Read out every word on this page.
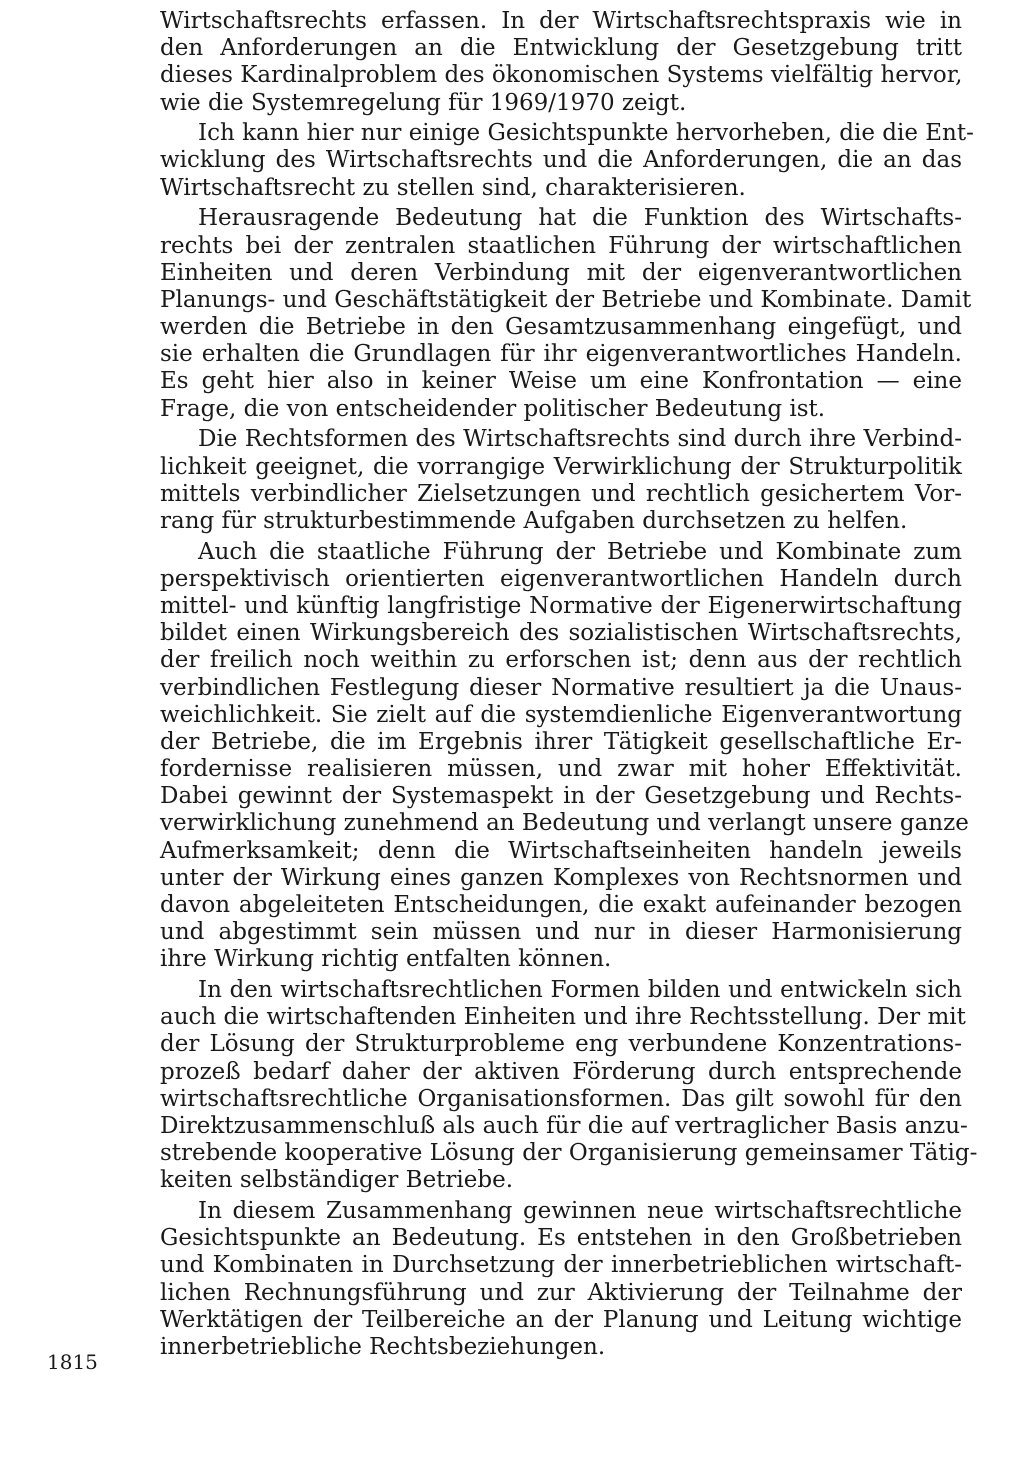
Wirtschaftsrechts erfassen. In der Wirtschaftsrechtspraxis wie in
den Anforderungen an die Entwicklung der Gesetzgebung tritt
dieses Kardinalproblem des ökonomischen Systems vielfältig hervor,
wie die Systemregelung für 1969/1970 zeigt.
Ich kann hier nur einige Gesichtspunkte hervorheben, die die Ent-
wicklung des Wirtschaftsrechts und die Anforderungen, die an das
Wirtschaftsrecht zu stellen sind, charakterisieren.
Herausragende Bedeutung hat die Funktion des Wirtschafts-
rechts bei der zentralen staatlichen Führung der wirtschaftlichen
Einheiten und deren Verbindung mit der eigenverantwortlichen
Planungs- und Geschäftstätigkeit der Betriebe und Kombinate. Damit
werden die Betriebe in den Gesamtzusammenhang eingefügt, und
sie erhalten die Grundlagen für ihr eigenverantwortliches Handeln.
Es geht hier also in keiner Weise um eine Konfrontation — eine
Frage, die von entscheidender politischer Bedeutung ist.
Die Rechtsformen des Wirtschaftsrechts sind durch ihre Verbind-
lichkeit geeignet, die vorrangige Verwirklichung der Strukturpolitik
mittels verbindlicher Zielsetzungen und rechtlich gesichertem Vor-
rang für strukturbestimmende Aufgaben durchsetzen zu helfen.
Auch die staatliche Führung der Betriebe und Kombinate zum
perspektivisch orientierten eigenverantwortlichen Handeln durch
mittel- und künftig langfristige Normative der Eigenerwirtschaftung
bildet einen Wirkungsbereich des sozialistischen Wirtschaftsrechts,
der freilich noch weithin zu erforschen ist; denn aus der rechtlich
verbindlichen Festlegung dieser Normative resultiert ja die Unaus-
weichlichkeit. Sie zielt auf die systemdienliche Eigenverantwortung
der Betriebe, die im Ergebnis ihrer Tätigkeit gesellschaftliche Er-
fordernisse realisieren müssen, und zwar mit hoher Effektivität.
Dabei gewinnt der Systemaspekt in der Gesetzgebung und Rechts-
verwirklichung zunehmend an Bedeutung und verlangt unsere ganze
Aufmerksamkeit; denn die Wirtschaftseinheiten handeln jeweils
unter der Wirkung eines ganzen Komplexes von Rechtsnormen und
davon abgeleiteten Entscheidungen, die exakt aufeinander bezogen
und abgestimmt sein müssen und nur in dieser Harmonisierung
ihre Wirkung richtig entfalten können.
In den wirtschaftsrechtlichen Formen bilden und entwickeln sich
auch die wirtschaftenden Einheiten und ihre Rechtsstellung. Der mit
der Lösung der Strukturprobleme eng verbundene Konzentrations-
prozeß bedarf daher der aktiven Förderung durch entsprechende
wirtschaftsrechtliche Organisationsformen. Das gilt sowohl für den
Direktzusammenschluß als auch für die auf vertraglicher Basis anzu-
strebende kooperative Lösung der Organisierung gemeinsamer Tätig-
keiten selbständiger Betriebe.
In diesem Zusammenhang gewinnen neue wirtschaftsrechtliche
Gesichtspunkte an Bedeutung. Es entstehen in den Großbetrieben
und Kombinaten in Durchsetzung der innerbetrieblichen wirtschaft-
lichen Rechnungsführung und zur Aktivierung der Teilnahme der
Werktätigen der Teilbereiche an der Planung und Leitung wichtige
innerbetriebliche Rechtsbeziehungen.
1815
